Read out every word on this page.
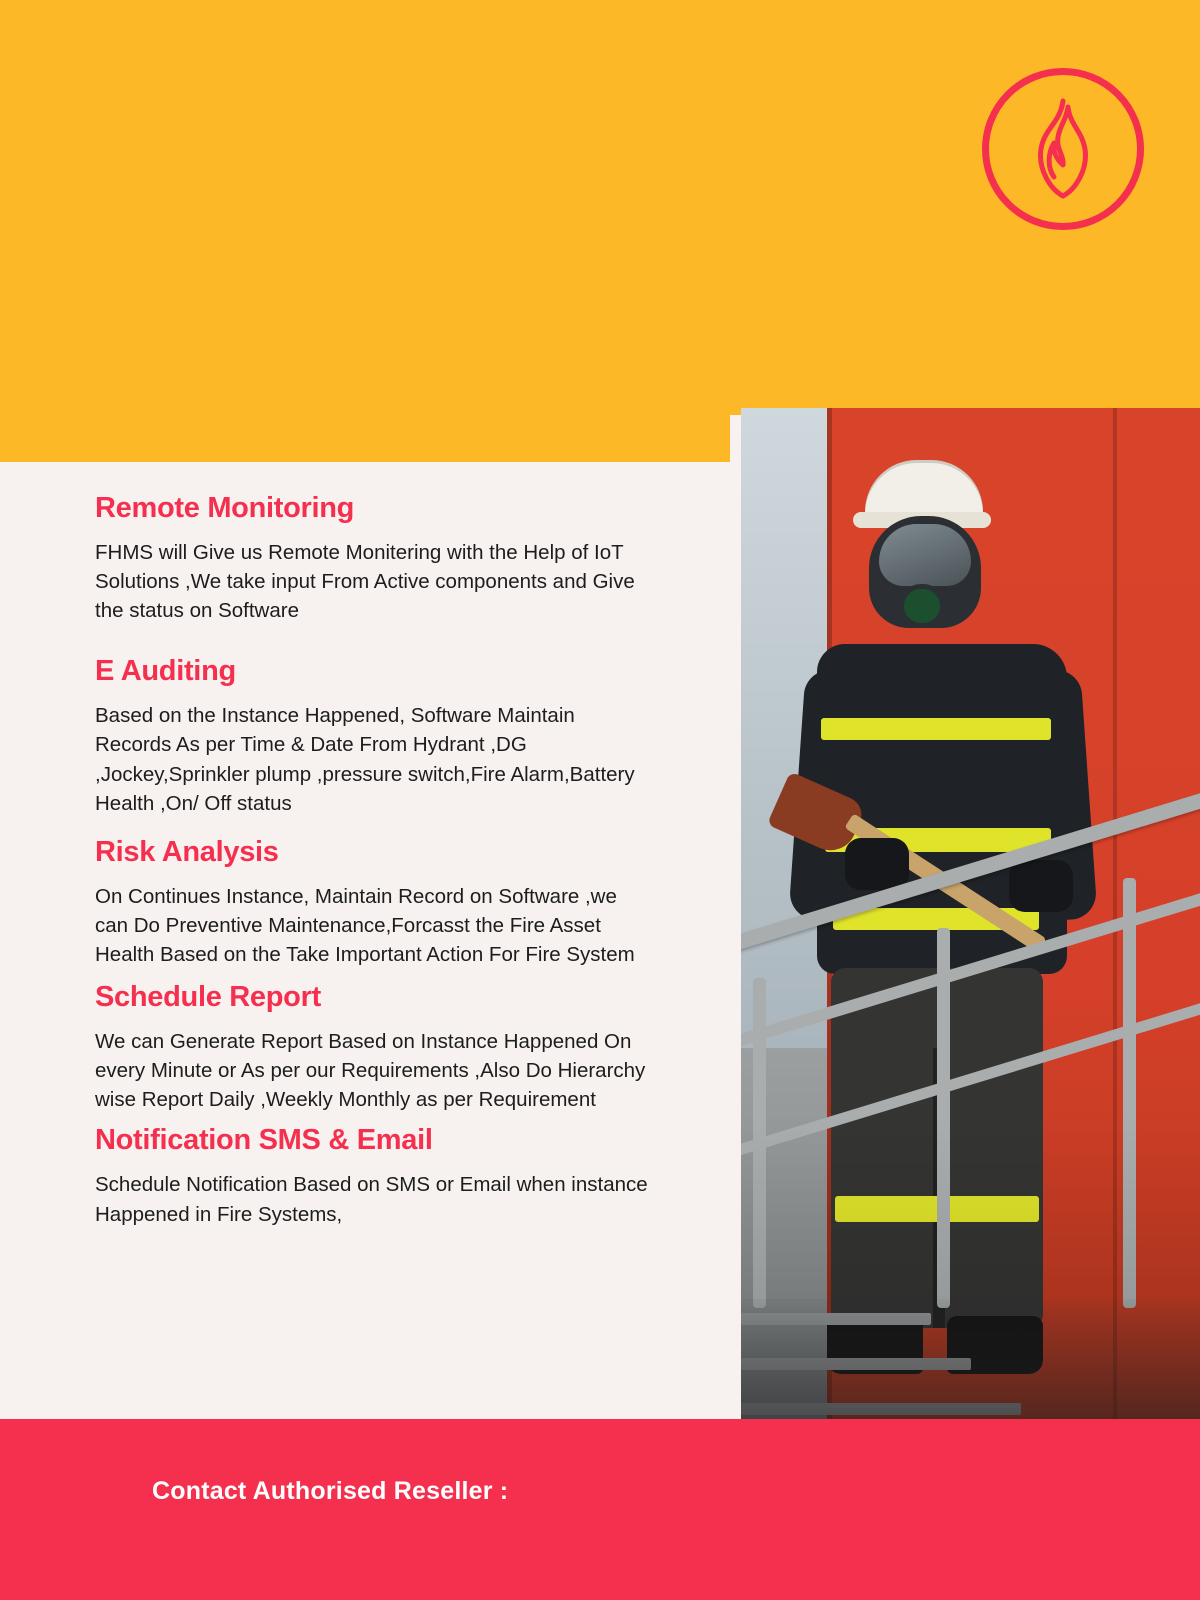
Remote Monitoring
FHMS will Give us Remote Monitering with the Help of IoT Solutions ,We take input From Active components and Give the status on Software
E Auditing
Based on the Instance Happened, Software Maintain Records As per Time & Date From Hydrant ,DG ,Jockey,Sprinkler plump ,pressure switch,Fire Alarm,Battery Health ,On/ Off status
Risk Analysis
On Continues Instance, Maintain Record on Software ,we can Do Preventive Maintenance,Forcasst the Fire Asset Health Based on the Take Important Action For Fire System
Schedule Report
We can Generate Report Based on Instance Happened On every Minute or As per our Requirements ,Also Do Hierarchy wise Report Daily ,Weekly Monthly as per Requirement
Notification SMS & Email
Schedule Notification Based on SMS or Email when instance Happened in Fire Systems,
Contact Authorised Reseller :
